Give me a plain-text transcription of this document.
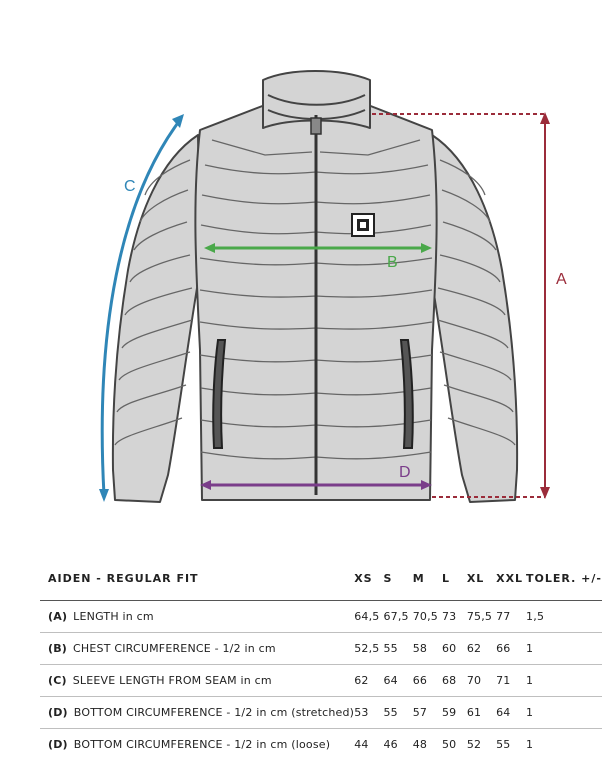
A
B
C
D
AIDEN - REGULAR FIT	XS	S	M	L	XL	XXL	TOLER. +/-
(A) LENGTH in cm	64,5	67,5	70,5	73	75,5	77	1,5
(B) CHEST CIRCUMFERENCE - 1/2 in cm	52,5	55	58	60	62	66	1
(C) SLEEVE LENGTH FROM SEAM in cm	62	64	66	68	70	71	1
(D) BOTTOM CIRCUMFERENCE - 1/2 in cm (stretched)	53	55	57	59	61	64	1
(D) BOTTOM CIRCUMFERENCE - 1/2 in cm (loose)	44	46	48	50	52	55	1
